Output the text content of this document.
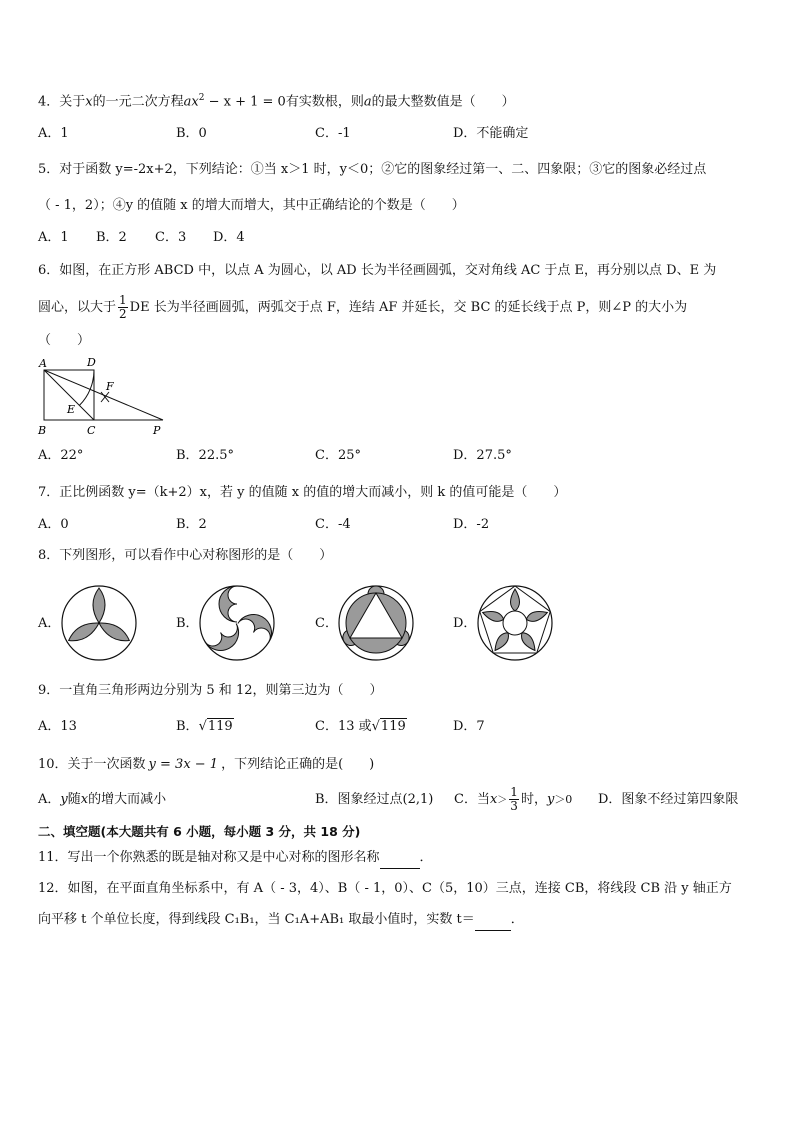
4．关于x的一元二次方程$ax^2 - x + 1 = 0$有实数根，则a的最大整数值是（　　）
A．1	B．0	C．-1	D．不能确定
5．对于函数 y=-2x+2，下列结论：①当 x＞1 时，y＜0；②它的图象经过第一、二、四象限；③它的图象必经过点
（ - 1，2）；④y 的值随 x 的增大而增大，其中正确结论的个数是（　　）
A．1 B．2 C．3 D．4
6．如图，在正方形 ABCD 中，以点 A 为圆心，以 AD 长为半径画圆弧，交对角线 AC 于点 E，再分别以点 D、E 为
圆心，以大于 $\frac{1}{2}$ DE 长为半径画圆弧，两弧交于点 F，连结 AF 并延长，交 BC 的延长线于点 P，则∠P 的大小为
（　　）
A	D
F
E
B	C	P
A．22°	B．22.5°	C．25°	D．27.5°
7．正比例函数 y=（k+2）x，若 y 的值随 x 的值的增大而减小，则 k 的值可能是（　　）
A．0	B．2	C．-4	D．-2
8．下列图形，可以看作中心对称图形的是（　　）
A．	B．	C．	D．
9．一直角三角形两边分别为 5 和 12，则第三边为（　　）
A．13	B．√119	C．13 或√119	D．7
10．关于一次函数 y = 3x − 1 ，下列结论正确的是(　　)
A．y随x的增大而减小	B．图象经过点(2,1) C．当$x> \frac{1}{3}$ 时，y＞0 D．图象不经过第四象限
二、填空题(本大题共有 6 小题，每小题 3 分，共 18 分)
11．写出一个你熟悉的既是轴对称又是中心对称的图形名称	．
12．如图，在平面直角坐标系中，有 A（ - 3，4）、B（ - 1，0）、C（5，10）三点，连接 CB，将线段 CB 沿 y 轴正方
向平移 t 个单位长度，得到线段 C₁B₁，当 C₁A+AB₁ 取最小值时，实数 t＝	．
